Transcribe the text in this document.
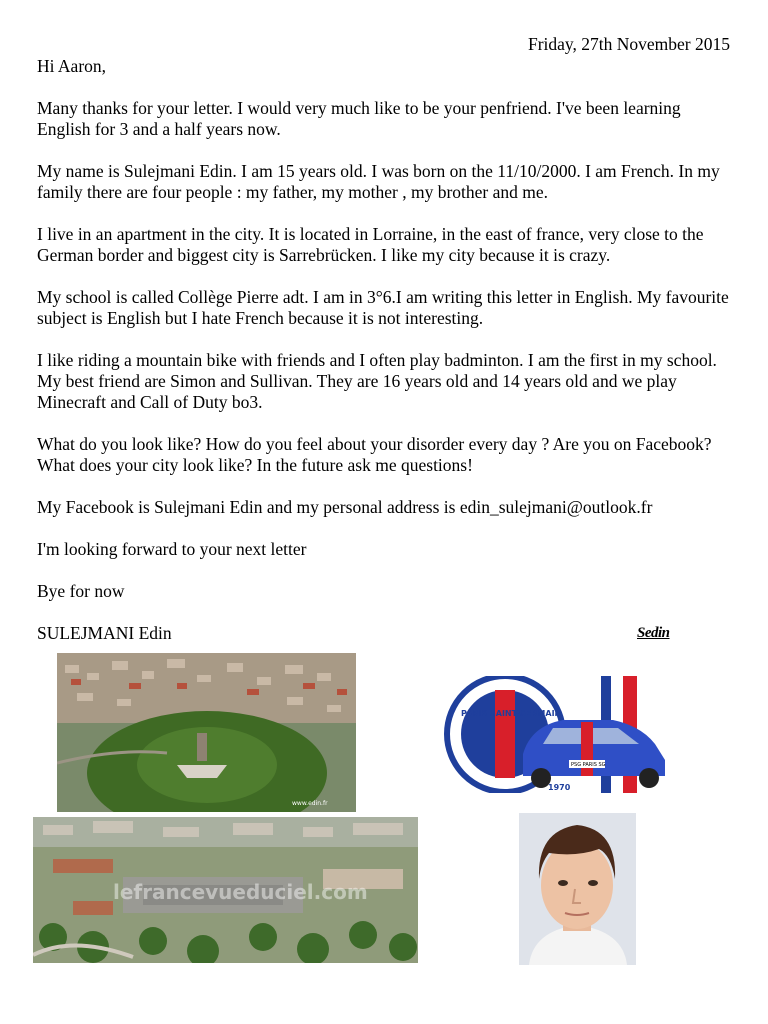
Friday, 27th November 2015

Hi Aaron,

Many thanks for your letter. I would very much like to be your penfriend. I've been learning English for 3 and a half years now.

My name is Sulejmani Edin. I am 15 years old. I was born on the 11/10/2000. I am French. In my family there are four people : my father, my mother , my brother and me.

I live in an apartment in the city. It is located in Lorraine, in the east of france, very close to the German border and biggest city is Sarrebrücken. I like my city because it is crazy.

My school is called Collège Pierre adt. I am in 3°6.I am writing this letter in English. My favourite subject is English but I hate French because it is not interesting.

I like riding a mountain bike with friends and I often play badminton. I am the first in my school. My best friend are Simon and Sullivan. They are 16 years old and 14 years old and we play Minecraft and Call of Duty bo3.

What do you look like? How do you feel about your disorder every day ? Are you on Facebook? What does your city look like? In the future ask me questions!

My Facebook is Sulejmani Edin and my personal address is edin_sulejmani@outlook.fr

I'm looking forward to your next letter

Bye for now

SULEJMANI Edin	Sedin
www.edin.fr
PARIS SAINT-GERMAIN
1970
PSG PARIS SG
lefrancevueduciel.com
